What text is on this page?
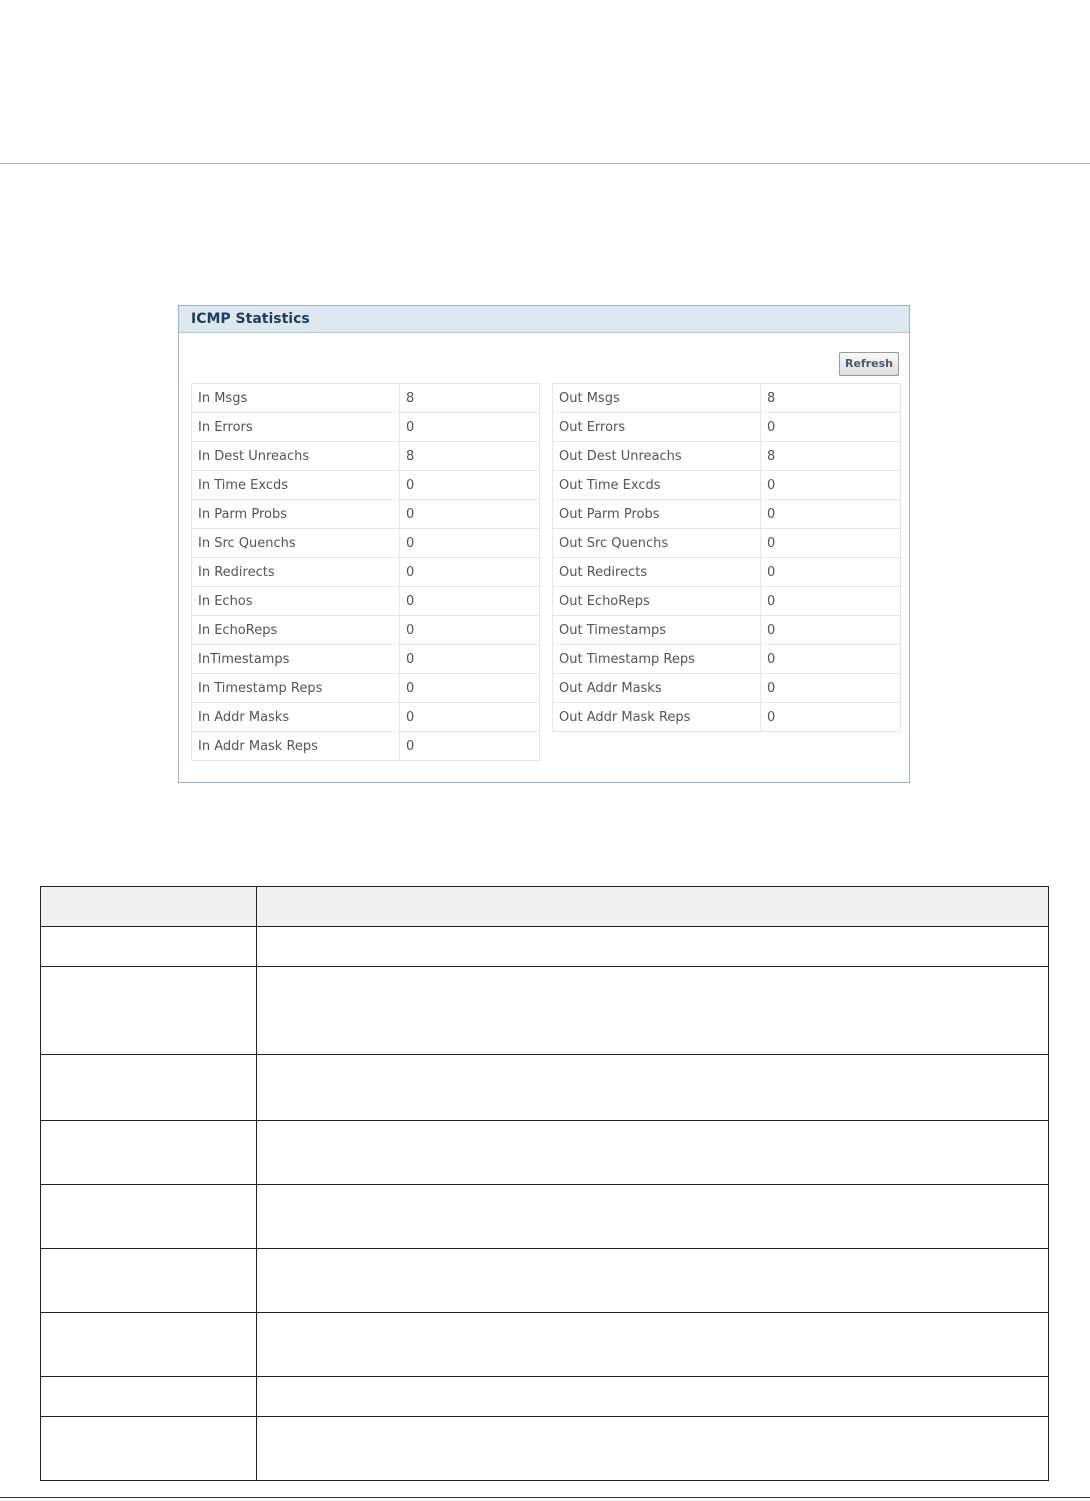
ICMP Statistics
Refresh
In Msgs	8
In Errors	0
In Dest Unreachs	8
In Time Excds	0
In Parm Probs	0
In Src Quenchs	0
In Redirects	0
In Echos	0
In EchoReps	0
InTimestamps	0
In Timestamp Reps	0
In Addr Masks	0
In Addr Mask Reps	0
Out Msgs	8
Out Errors	0
Out Dest Unreachs	8
Out Time Excds	0
Out Parm Probs	0
Out Src Quenchs	0
Out Redirects	0
Out EchoReps	0
Out Timestamps	0
Out Timestamp Reps	0
Out Addr Masks	0
Out Addr Mask Reps	0
